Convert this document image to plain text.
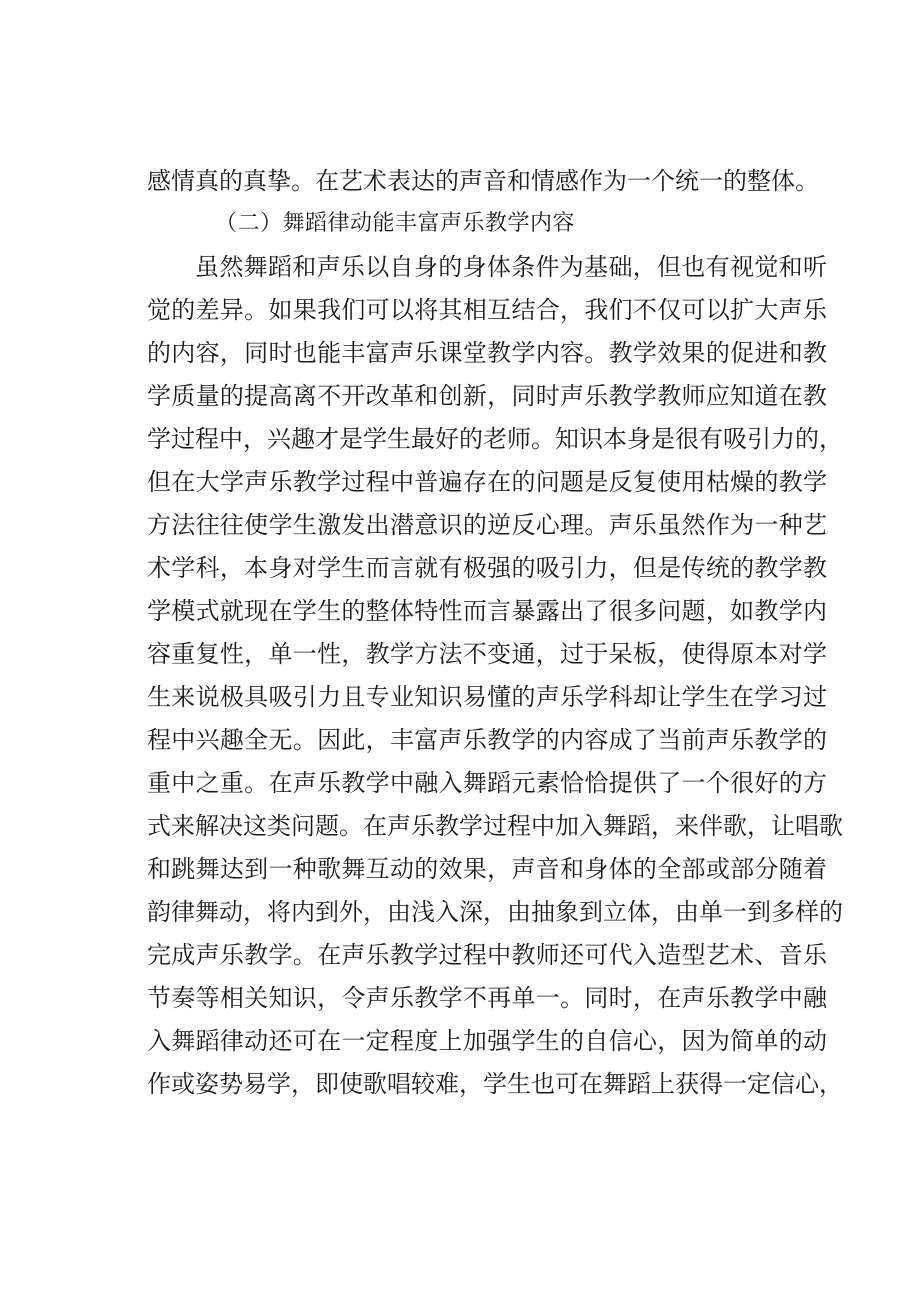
感情真的真挚。在艺术表达的声音和情感作为一个统一的整体。
（二）舞蹈律动能丰富声乐教学内容
虽然舞蹈和声乐以自身的身体条件为基础，但也有视觉和听
觉的差异。如果我们可以将其相互结合，我们不仅可以扩大声乐
的内容，同时也能丰富声乐课堂教学内容。教学效果的促进和教
学质量的提高离不开改革和创新，同时声乐教学教师应知道在教
学过程中，兴趣才是学生最好的老师。知识本身是很有吸引力的，
但在大学声乐教学过程中普遍存在的问题是反复使用枯燥的教学
方法往往使学生激发出潜意识的逆反心理。声乐虽然作为一种艺
术学科，本身对学生而言就有极强的吸引力，但是传统的教学教
学模式就现在学生的整体特性而言暴露出了很多问题，如教学内
容重复性，单一性，教学方法不变通，过于呆板，使得原本对学
生来说极具吸引力且专业知识易懂的声乐学科却让学生在学习过
程中兴趣全无。因此，丰富声乐教学的内容成了当前声乐教学的
重中之重。在声乐教学中融入舞蹈元素恰恰提供了一个很好的方
式来解决这类问题。在声乐教学过程中加入舞蹈，来伴歌，让唱歌
和跳舞达到一种歌舞互动的效果，声音和身体的全部或部分随着
韵律舞动，将内到外，由浅入深，由抽象到立体，由单一到多样的
完成声乐教学。在声乐教学过程中教师还可代入造型艺术、音乐
节奏等相关知识，令声乐教学不再单一。同时，在声乐教学中融
入舞蹈律动还可在一定程度上加强学生的自信心，因为简单的动
作或姿势易学，即使歌唱较难，学生也可在舞蹈上获得一定信心，
